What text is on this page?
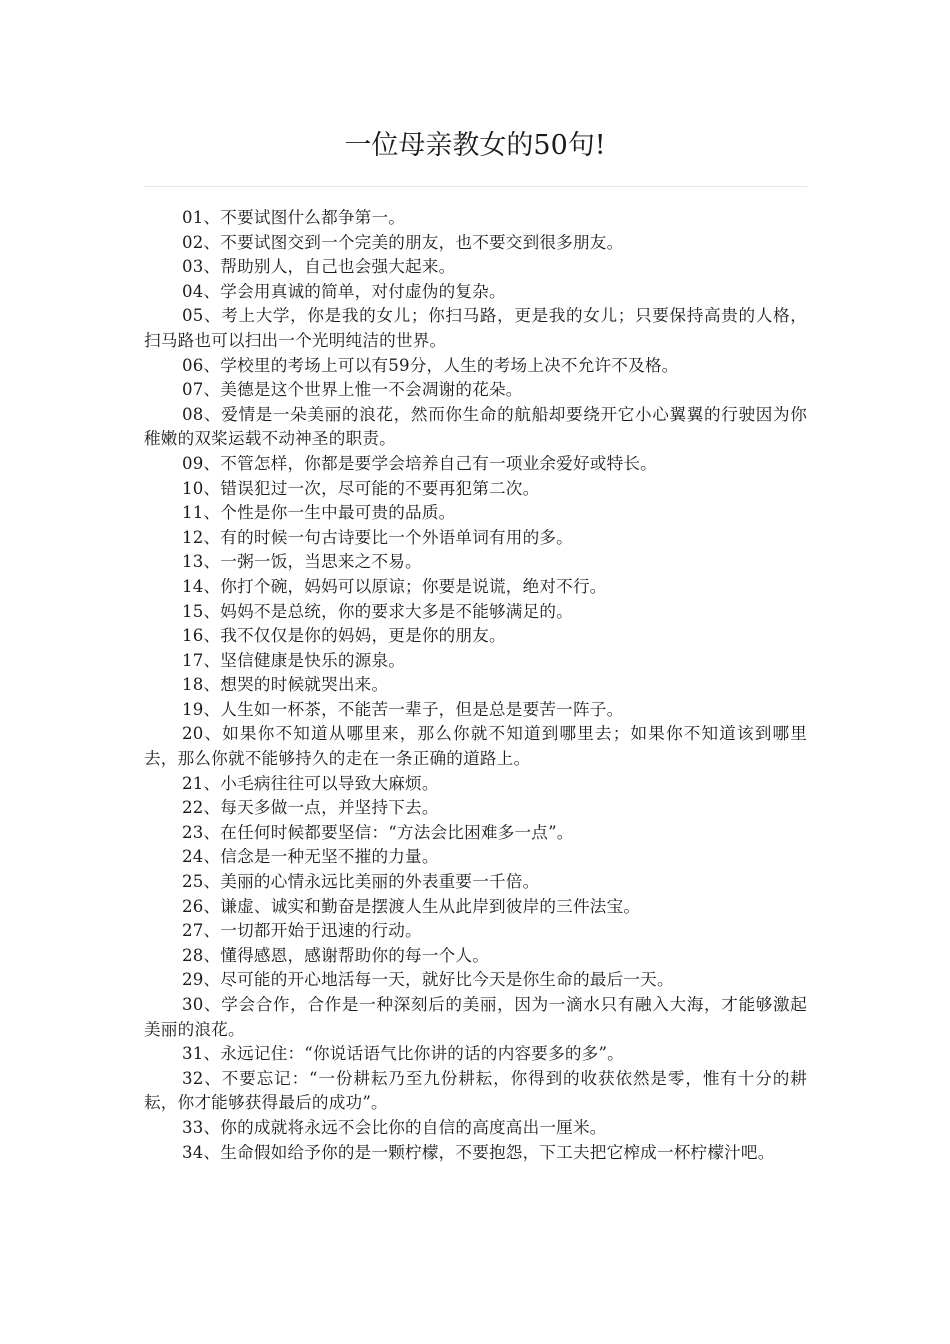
一位母亲教女的50句!

01、不要试图什么都争第一。

02、不要试图交到一个完美的朋友，也不要交到很多朋友。

03、帮助别人，自己也会强大起来。

04、学会用真诚的简单，对付虚伪的复杂。

05、考上大学，你是我的女儿；你扫马路，更是我的女儿；只要保持高贵的人格，扫马路也可以扫出一个光明纯洁的世界。

06、学校里的考场上可以有59分，人生的考场上决不允许不及格。

07、美德是这个世界上惟一不会凋谢的花朵。

08、爱情是一朵美丽的浪花，然而你生命的航船却要绕开它小心翼翼的行驶因为你稚嫩的双桨运载不动神圣的职责。

09、不管怎样，你都是要学会培养自己有一项业余爱好或特长。

10、错误犯过一次，尽可能的不要再犯第二次。

11、个性是你一生中最可贵的品质。

12、有的时候一句古诗要比一个外语单词有用的多。

13、一粥一饭，当思来之不易。

14、你打个碗，妈妈可以原谅；你要是说谎，绝对不行。

15、妈妈不是总统，你的要求大多是不能够满足的。

16、我不仅仅是你的妈妈，更是你的朋友。

17、坚信健康是快乐的源泉。

18、想哭的时候就哭出来。

19、人生如一杯茶，不能苦一辈子，但是总是要苦一阵子。

20、如果你不知道从哪里来，那么你就不知道到哪里去；如果你不知道该到哪里去，那么你就不能够持久的走在一条正确的道路上。

21、小毛病往往可以导致大麻烦。

22、每天多做一点，并坚持下去。

23、在任何时候都要坚信：“方法会比困难多一点”。

24、信念是一种无坚不摧的力量。

25、美丽的心情永远比美丽的外表重要一千倍。

26、谦虚、诚实和勤奋是摆渡人生从此岸到彼岸的三件法宝。

27、一切都开始于迅速的行动。

28、懂得感恩，感谢帮助你的每一个人。

29、尽可能的开心地活每一天，就好比今天是你生命的最后一天。

30、学会合作，合作是一种深刻后的美丽，因为一滴水只有融入大海，才能够激起美丽的浪花。

31、永远记住：“你说话语气比你讲的话的内容要多的多”。

32、不要忘记：“一份耕耘乃至九份耕耘，你得到的收获依然是零，惟有十分的耕耘，你才能够获得最后的成功”。

33、你的成就将永远不会比你的自信的高度高出一厘米。

34、生命假如给予你的是一颗柠檬，不要抱怨，下工夫把它榨成一杯柠檬汁吧。
